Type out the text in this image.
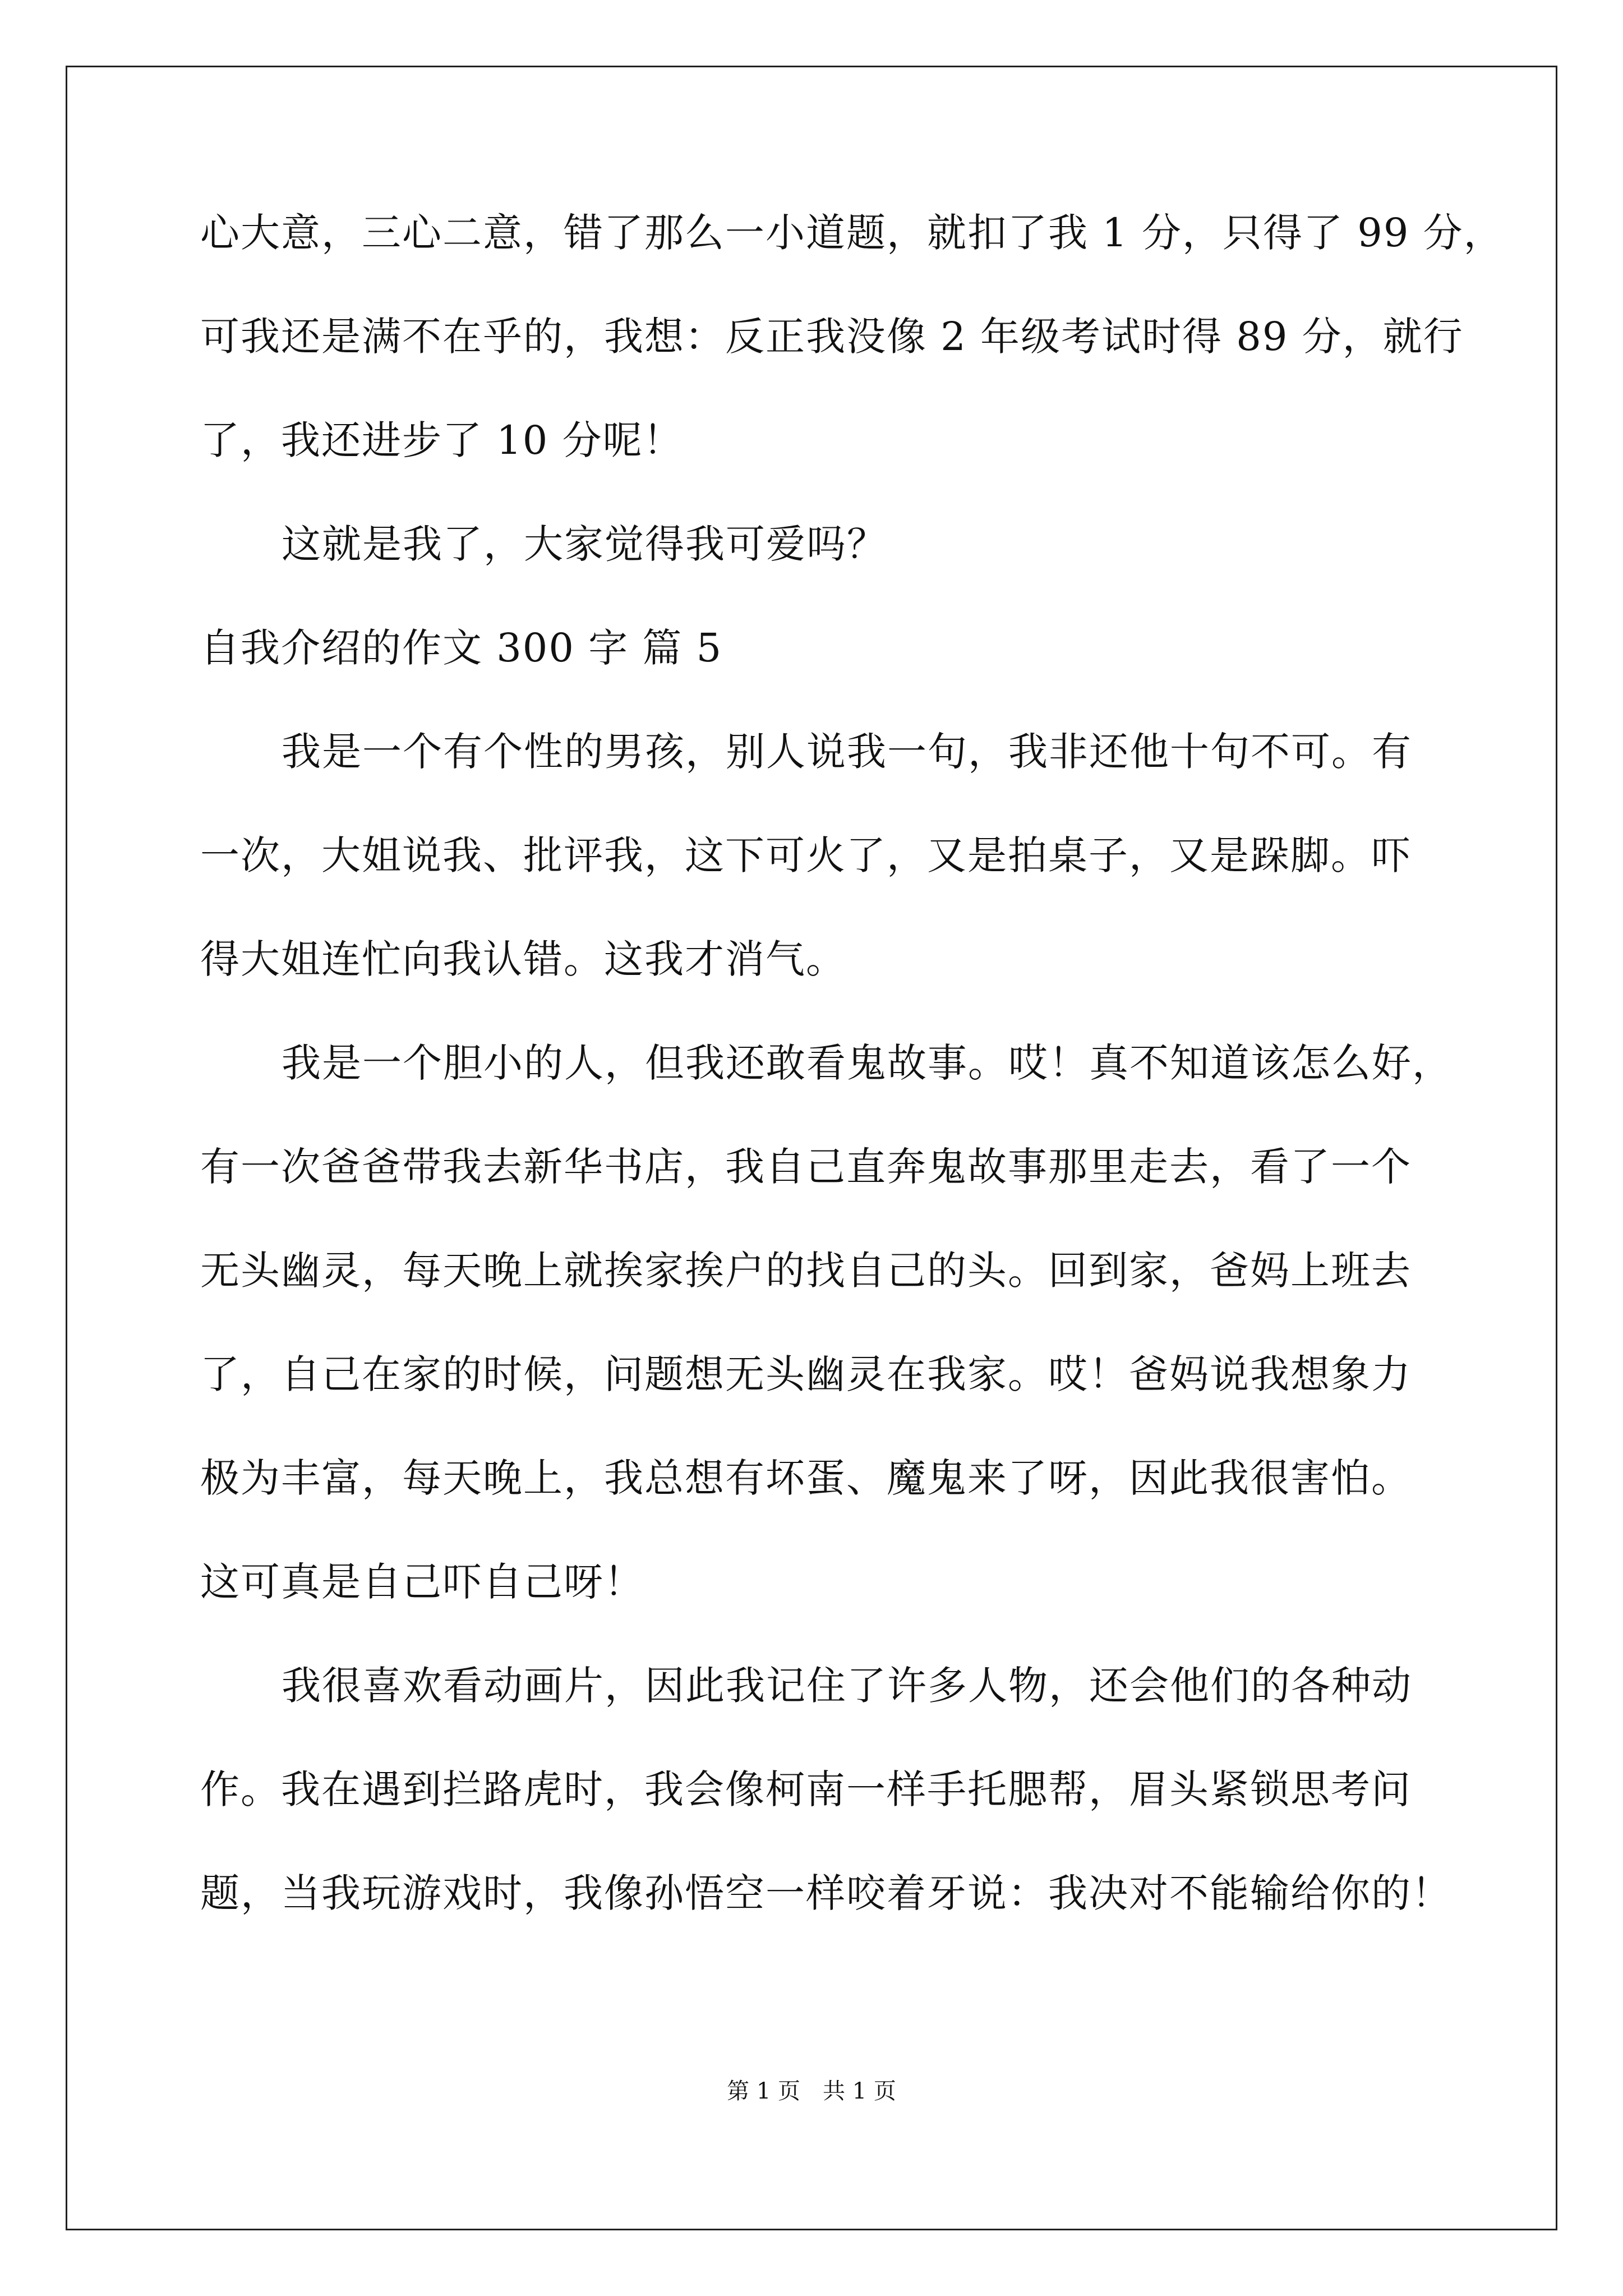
心大意，三心二意，错了那么一小道题，就扣了我 1 分，只得了 99 分，
可我还是满不在乎的，我想：反正我没像 2 年级考试时得 89 分，就行
了，我还进步了 10 分呢！
这就是我了，大家觉得我可爱吗？
自我介绍的作文 300 字 篇 5
我是一个有个性的男孩，别人说我一句，我非还他十句不可。有
一次，大姐说我、批评我，这下可火了，又是拍桌子，又是跺脚。吓
得大姐连忙向我认错。这我才消气。
我是一个胆小的人，但我还敢看鬼故事。哎！真不知道该怎么好，
有一次爸爸带我去新华书店，我自己直奔鬼故事那里走去，看了一个
无头幽灵，每天晚上就挨家挨户的找自己的头。回到家，爸妈上班去
了，自己在家的时候，问题想无头幽灵在我家。哎！爸妈说我想象力
极为丰富，每天晚上，我总想有坏蛋、魔鬼来了呀，因此我很害怕。
这可真是自己吓自己呀！
我很喜欢看动画片，因此我记住了许多人物，还会他们的各种动
作。我在遇到拦路虎时，我会像柯南一样手托腮帮，眉头紧锁思考问
题，当我玩游戏时，我像孙悟空一样咬着牙说：我决对不能输给你的！
第 1 页　共 1 页
